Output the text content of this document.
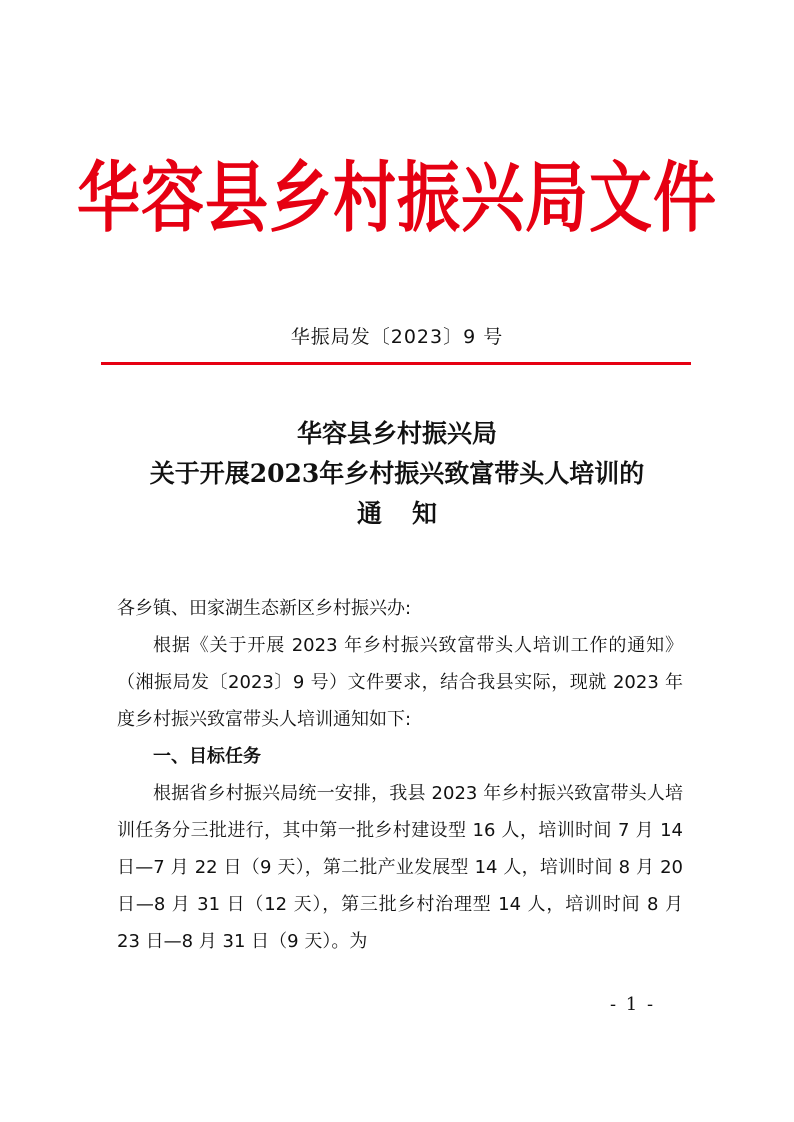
华容县乡村振兴局文件
华振局发〔2023〕9 号
华容县乡村振兴局
关于开展2023年乡村振兴致富带头人培训的
通知

各乡镇、田家湖生态新区乡村振兴办:

根据《关于开展 2023 年乡村振兴致富带头人培训工作的通知》（湘振局发〔2023〕9 号）文件要求，结合我县实际，现就 2023 年度乡村振兴致富带头人培训通知如下:

一、目标任务

根据省乡村振兴局统一安排，我县 2023 年乡村振兴致富带头人培训任务分三批进行，其中第一批乡村建设型 16 人，培训时间 7 月 14 日—7 月 22 日（9 天），第二批产业发展型 14 人，培训时间 8 月 20 日—8 月 31 日（12 天），第三批乡村治理型 14 人，培训时间 8 月 23 日—8 月 31 日（9 天）。为

- 1 -
